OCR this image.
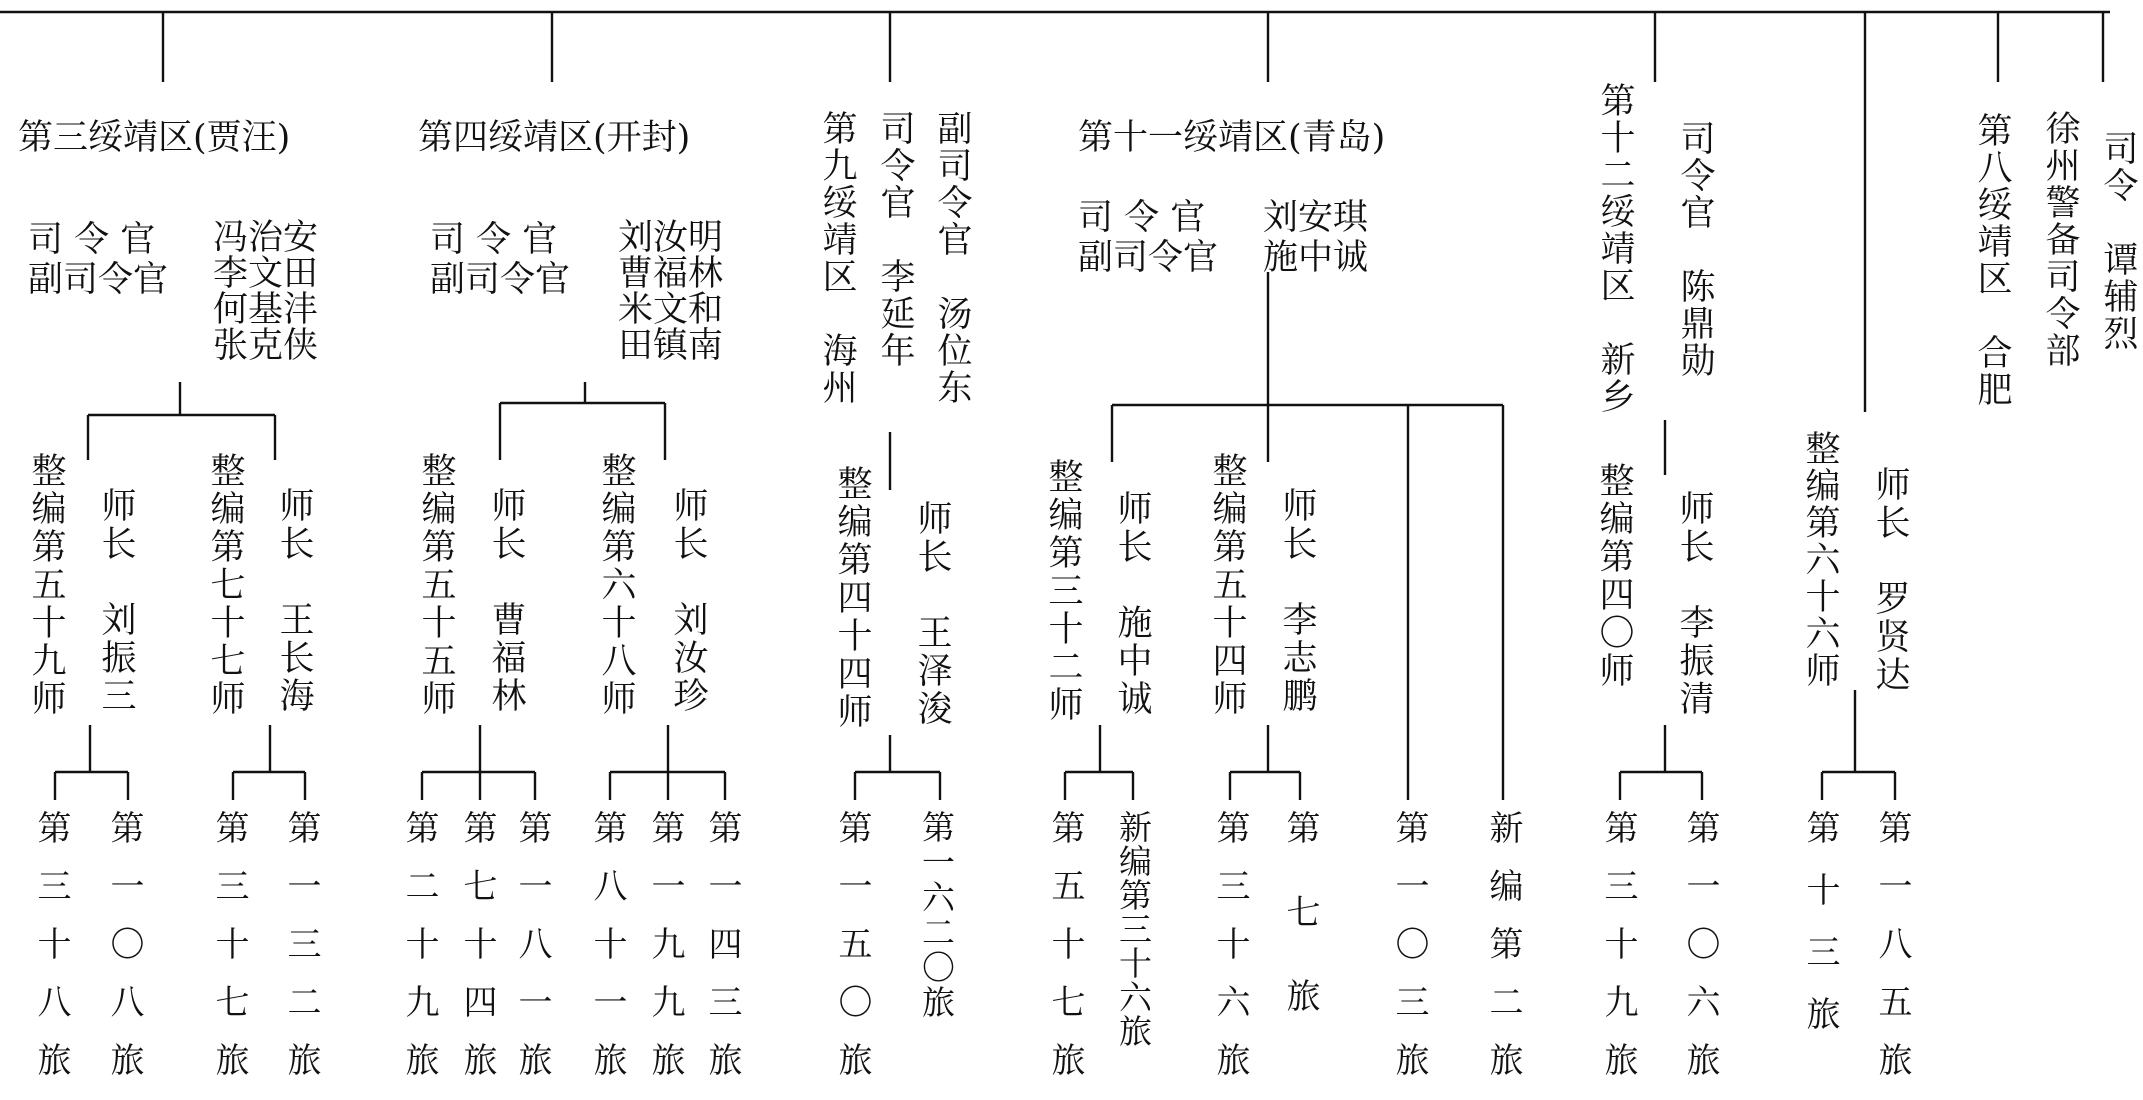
第三绥靖区(贾汪)
司 令 官
副司令官
冯治安
李文田
何基沣
张克侠
整编第五十九师 师长　刘振三 整编第七十七师 师长　王长海
第三十八旅 第一〇八旅 第三十七旅 第一三二旅
第四绥靖区(开封)
司 令 官
副司令官
刘汝明
曹福林
米文和
田镇南
整编第五十五师 师长　曹福林 整编第六十八师 师长　刘汝珍
第二十九旅 第七十四旅 第一八一旅 第八十一旅 第一九九旅 第一四三旅
第九绥靖区　海州 司令官　李延年 副司令官　汤位东
整编第四十四师 师长　王泽浚
第一五〇旅 第一六二〇旅
第十一绥靖区(青岛)
司 令 官
副司令官
刘安琪
施中诚
整编第三十二师 师长　施中诚 整编第五十四师 师长　李志鹏
第五十七旅 新编第三十六旅 第三十六旅 第七旅 第一〇三旅 新编第二旅
第十二绥靖区　新乡 司令官　陈鼎勋
整编第四〇师 师长　李振清
第三十九旅 第一〇六旅
整编第六十六师 师长　罗贤达
第十三旅 第一八五旅
第八绥靖区　合肥 徐州警备司令部 司令　谭辅烈
